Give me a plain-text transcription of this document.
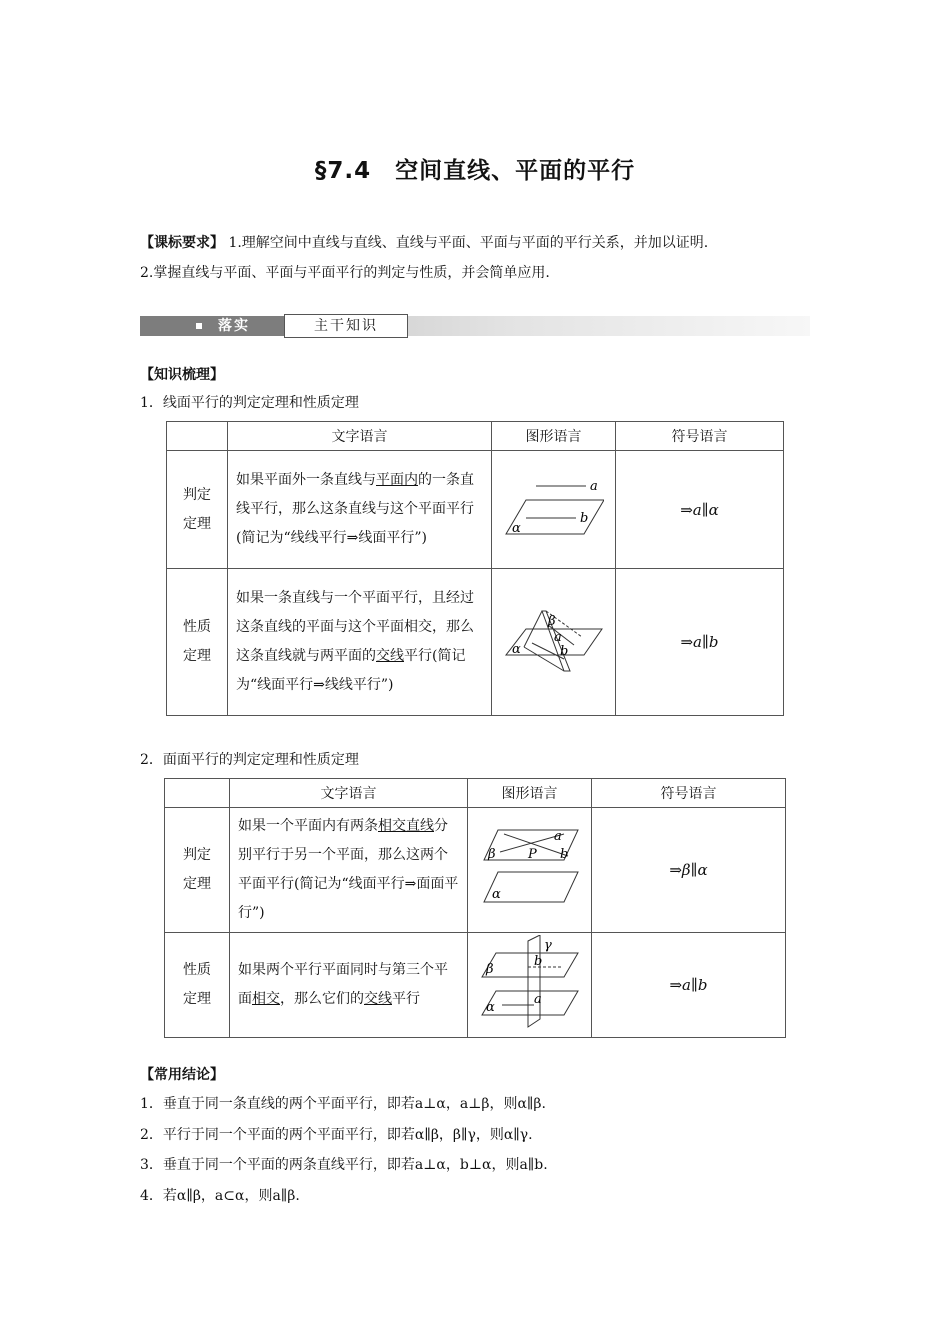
§7.4　空间直线、平面的平行
【课标要求】 1.理解空间中直线与直线、直线与平面、平面与平面的平行关系，并加以证明.
2.掌握直线与平面、平面与平面平行的判定与性质，并会简单应用.
落实	主干知识
【知识梳理】
1．线面平行的判定定理和性质定理
	文字语言	图形语言	符号语言
判定
定理	如果平面外一条直线与平面内的一条直线平行，那么这条直线与这个平面平行(简记为“线线平行⇒线面平行”)	a
b
α	⇒a∥α
性质
定理	如果一条直线与一个平面平行，且经过这条直线的平面与这个平面相交，那么这条直线就与两平面的交线平行(简记为“线面平行⇒线线平行”)	β
a
α b	⇒a∥b
2．面面平行的判定定理和性质定理
	文字语言	图形语言	符号语言
判定
定理	如果一个平面内有两条相交直线分别平行于另一个平面，那么这两个平面平行(简记为“线面平行⇒面面平行”)	a
β P b
α	⇒β∥α
性质
定理	如果两个平行平面同时与第三个平面相交，那么它们的交线平行	γ
β
b
α
a	⇒a∥b
【常用结论】
1．垂直于同一条直线的两个平面平行，即若a⊥α，a⊥β，则α∥β.
2．平行于同一个平面的两个平面平行，即若α∥β，β∥γ，则α∥γ.
3．垂直于同一个平面的两条直线平行，即若a⊥α，b⊥α，则a∥b.
4．若α∥β，a⊂α，则a∥β.
